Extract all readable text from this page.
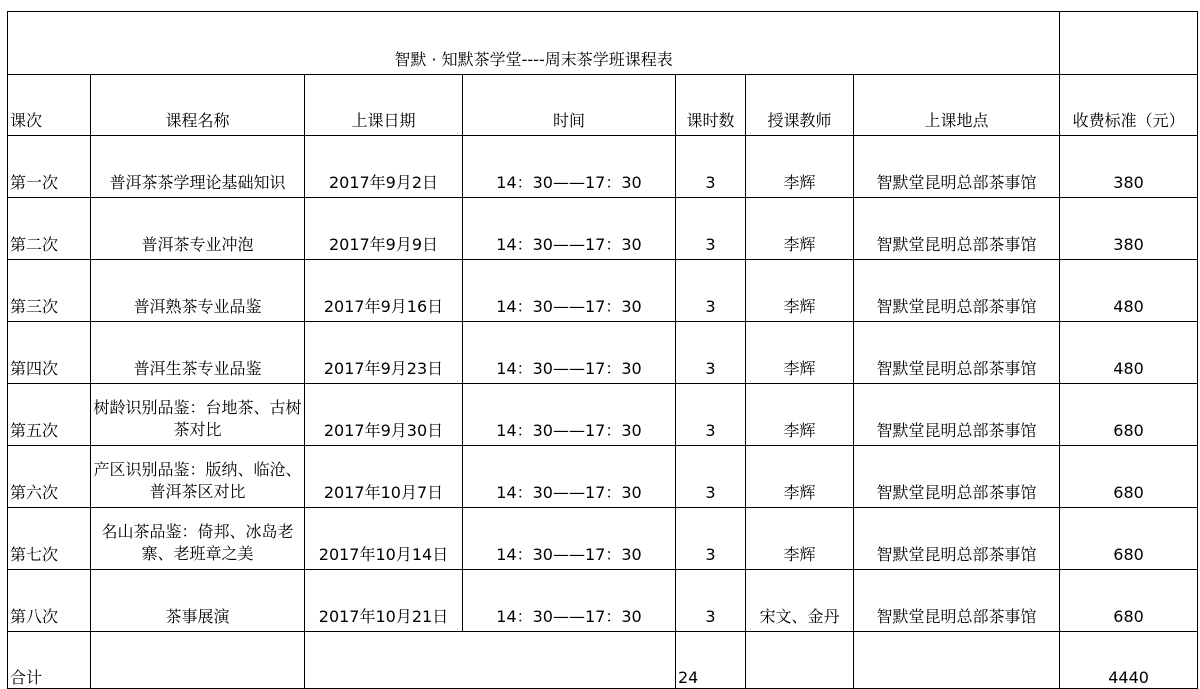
智默 · 知默茶学堂----周末茶学班课程表							
课次	课程名称	上课日期	时间	课时数	授课教师	上课地点	收费标准（元）
第一次	普洱茶茶学理论基础知识	2017年9月2日	14：30——17：30	3	李辉	智默堂昆明总部茶事馆	380
第二次	普洱茶专业冲泡	2017年9月9日	14：30——17：30	3	李辉	智默堂昆明总部茶事馆	380
第三次	普洱熟茶专业品鉴	2017年9月16日	14：30——17：30	3	李辉	智默堂昆明总部茶事馆	480
第四次	普洱生茶专业品鉴	2017年9月23日	14：30——17：30	3	李辉	智默堂昆明总部茶事馆	480
第五次	树龄识别品鉴：台地茶、古树茶对比	2017年9月30日	14：30——17：30	3	李辉	智默堂昆明总部茶事馆	680
第六次	产区识别品鉴：版纳、临沧、普洱茶区对比	2017年10月7日	14：30——17：30	3	李辉	智默堂昆明总部茶事馆	680
第七次	名山茶品鉴：倚邦、冰岛老寨、老班章之美	2017年10月14日	14：30——17：30	3	李辉	智默堂昆明总部茶事馆	680
第八次	茶事展演	2017年10月21日	14：30——17：30	3	宋文、金丹	智默堂昆明总部茶事馆	680
合计				24			4440
